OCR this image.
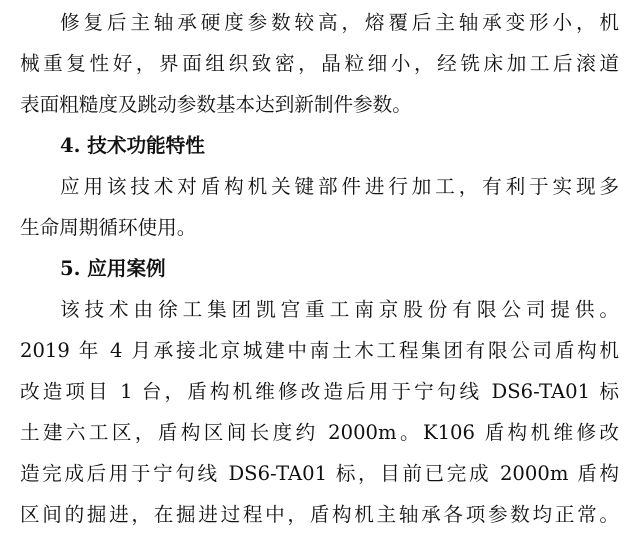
修复后主轴承硬度参数较高，熔覆后主轴承变形小，机
械重复性好，界面组织致密，晶粒细小，经铣床加工后滚道
表面粗糙度及跳动参数基本达到新制件参数。
4. 技术功能特性
应用该技术对盾构机关键部件进行加工，有利于实现多
生命周期循环使用。
5. 应用案例
该技术由徐工集团凯宫重工南京股份有限公司提供。
2019 年 4 月承接北京城建中南土木工程集团有限公司盾构机
改造项目 1 台，盾构机维修改造后用于宁句线 DS6-TA01 标
土建六工区，盾构区间长度约 2000m。K106 盾构机维修改
造完成后用于宁句线 DS6-TA01 标，目前已完成 2000m 盾构
区间的掘进，在掘进过程中，盾构机主轴承各项参数均正常。
